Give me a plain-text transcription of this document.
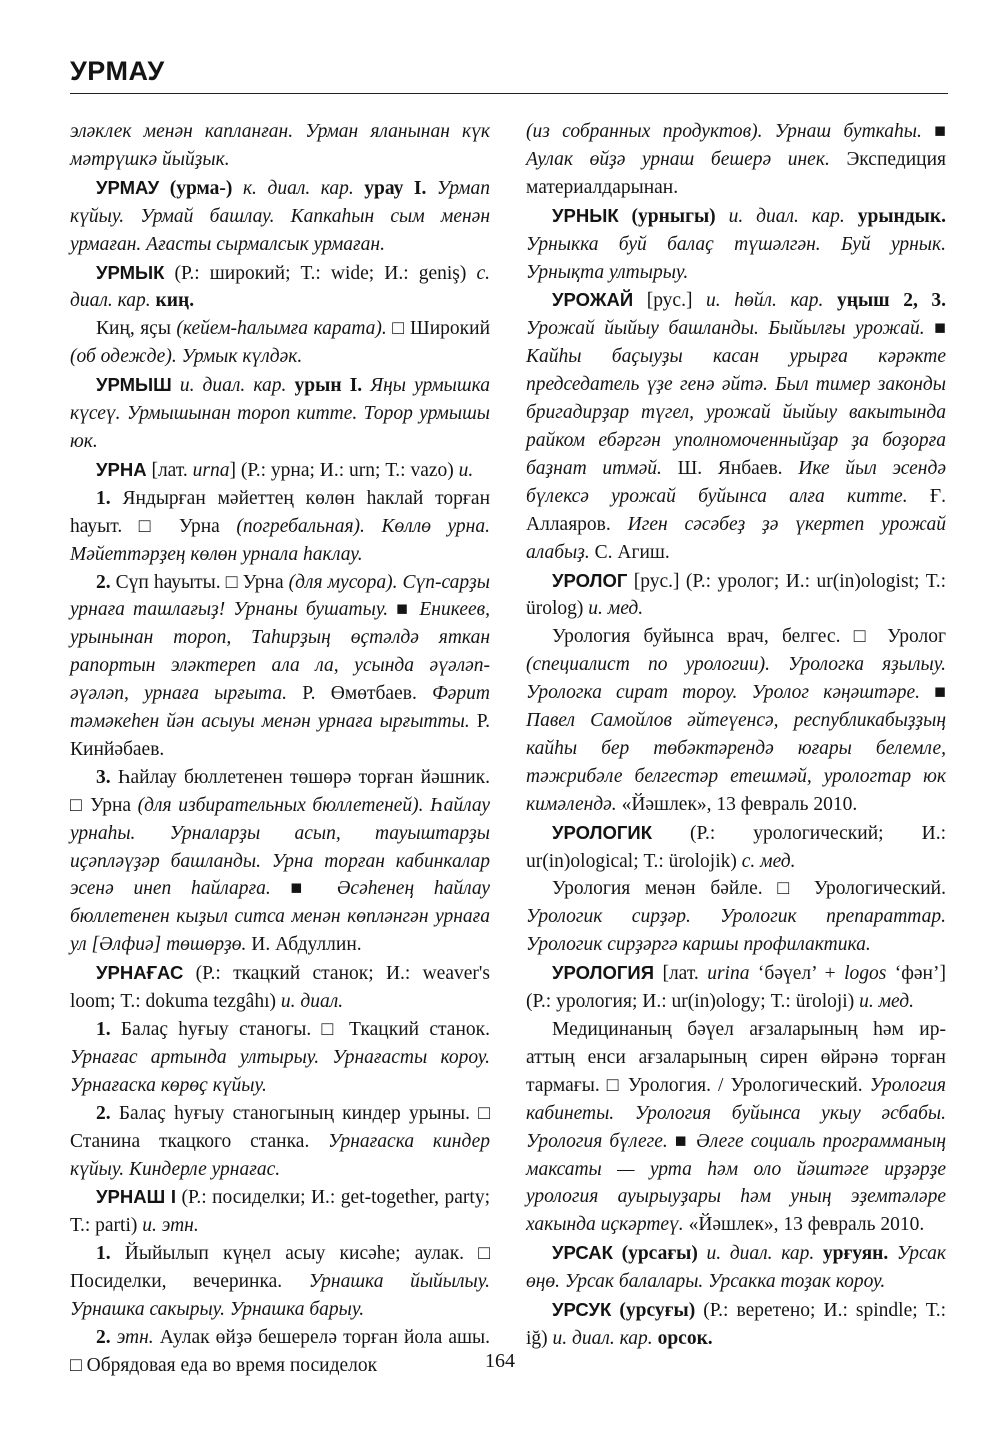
УРМАУ

эләклек менән капланған. Урман яланынан күк мәтрүшкә йыйҙык.

УРМАУ (урма-) к. диал. кар. урау I. Урмап күйыу. Урмай башлау. Капкаһын сым менән урмаған. Ағасты сырмалсык урмаған.

УРМЫК (Р.: широкий; Т.: wide; И.: geniş) с. диал. кар. киң.

Киң, яҫы (кейем-һалымға карата). □ Широкий (об одежде). Урмык күлдәк.

УРМЫШ и. диал. кар. урын I. Яңы урмышка күсеү. Урмышынан тороп китте. Торор урмышы юк.

УРНА [лат. urna] (Р.: урна; И.: urn; Т.: vazo) и.

1. Яндырған мәйеттең көлөн һаклай торған һауыт. □ Урна (погребальная). Көллө урна. Мәйеттәрҙең көлөн урнала һаклау.

2. Сүп һауыты. □ Урна (для мусора). Сүп-сарҙы урнаға ташлағыҙ! Урнаны бушатыу. ■ Еникеев, урынынан тороп, Таһирҙың өҫтәлдә яткан рапортын эләктереп ала ла, усында әүәләп-әүәләп, урнаға ырғыта. Р. Өмөтбаев. Фәрит тәмәкеһен йән асыуы менән урнаға ырғытты. Р. Кинйәбаев.

3. Һайлау бюллетенен төшөрә торған йәшник. □ Урна (для избирательных бюллетеней). Һайлау урнаһы. Урналарҙы асып, тауыштарҙы иҫәпләүҙәр башланды. Урна торған кабинкалар эсенә инеп һайларға. ■ Әсәһенең һайлау бюллетенен кыҙыл ситса менән көпләнгән урнаға ул [Әлфиә] төшөрҙө. И. Абдуллин.

УРНАҒАС (Р.: ткацкий станок; И.: weaver's loom; Т.: dokuma tezgâhı) и. диал.

1. Балаҫ һуғыу станогы. □ Ткацкий станок. Урнағас артында ултырыу. Урнағасты короу. Урнағаска көрөҫ күйыу.

2. Балаҫ һуғыу станогының киндер урыны. □ Станина ткацкого станка. Урнағаска киндер күйыу. Киндерле урнағас.

УРНАШ I (Р.: посиделки; И.: get-together, party; Т.: parti) и. этн.

1. Йыйылып күңел асыу кисәһе; аулак. □ Посиделки, вечеринка. Урнашка йыйылыу. Урнашка сакырыу. Урнашка барыу.

2. этн. Аулак өйҙә бешерелә торған йола ашы. □ Обрядовая еда во время посиделок

(из собранных продуктов). Урнаш буткаһы. ■ Аулак өйҙә урнаш бешерә инек. Экспедиция материалдарынан.

УРНЫК (урныгы) и. диал. кар. урындык. Урныкка буй балаҫ түшәлгән. Буй урнык. Урнықта ултырыу.

УРОЖАЙ [рус.] и. һөйл. кар. уңыш 2, 3. Урожай йыйыу башланды. Быйылғы урожай. ■ Кайһы баҫыуҙы касан урырға кәрәкте председатель үҙе генә әйтә. Был тимер законды бригадирҙар түгел, урожай йыйыу вакытында райком ебәргән уполномоченныйҙар ҙа боҙорға баҙнат итмәй. Ш. Янбаев. Ике йыл эсендә бүлексә урожай буйынса алға китте. Ғ. Аллаяров. Иген сәсәбеҙ ҙә үкертеп урожай алабыҙ. С. Агиш.

УРОЛОГ [рус.] (Р.: уролог; И.: ur(in)ologist; Т.: ürolog) и. мед.

Урология буйынса врач, белгес. □ Уролог (специалист по урологии). Урологка яҙылыу. Урологка сират тороу. Уролог кәңәштәре. ■ Павел Самойлов әйтеүенсә, республикабыҙҙың кайһы бер төбәктәрендә юғары белемле, тәжрибәле белгестәр етешмәй, урологтар юк кимәлендә. «Йәшлек», 13 февраль 2010.

УРОЛОГИК (Р.: урологический; И.: ur(in)ological; Т.: ürolojik) с. мед.

Урология менән бәйле. □ Урологический. Урологик сирҙәр. Урологик препараттар. Урологик сирҙәргә каршы профилактика.

УРОЛОГИЯ [лат. urina ‘бәүел’ + logos ‘фән’] (Р.: урология; И.: ur(in)ology; Т.: üroloji) и. мед.

Медицинаның бәүел ағзаларының һәм ир-аттың енси ағзаларының сирен өйрәнә торған тармағы. □ Урология. / Урологический. Урология кабинеты. Урология буйынса укыу әсбабы. Урология бүлеге. ■ Әлеге социаль программаның максаты — урта һәм оло йәштәге ирҙәрҙе урология ауырыуҙары һәм уның эҙемтәләре хакында иҫкәртеү. «Йәшлек», 13 февраль 2010.

УРСАК (урсағы) и. диал. кар. урғуян. Урсак өңө. Урсак балалары. Урсакка тоҙак короу.

УРСУК (урсуғы) (Р.: веретено; И.: spindle; Т.: iğ) и. диал. кар. орсок.

164
